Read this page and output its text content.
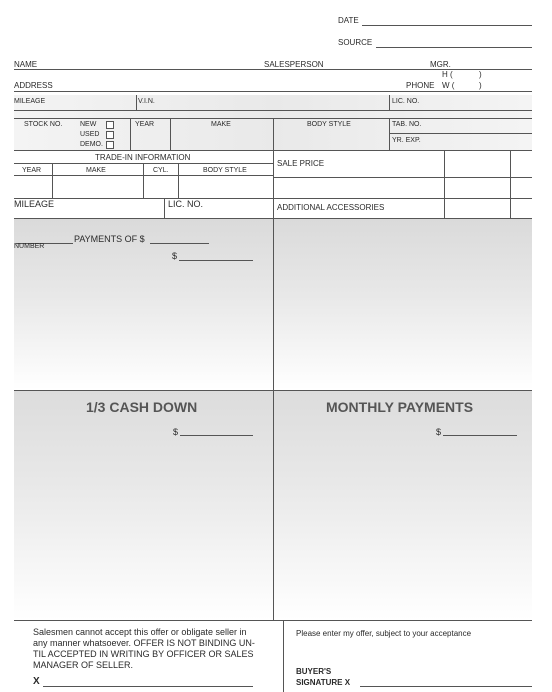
DATE
SOURCE
NAME	SALESPERSON	MGR.
H (	)
ADDRESS	PHONE W (	)
MILEAGE	V.I.N.	LIC. NO.
STOCK NO.	NEW
USED
DEMO.
YEAR	MAKE	BODY STYLE	TAB. NO.
YR. EXP.
TRADE-IN INFORMATION
YEAR	MAKE	CYL.	BODY STYLE
MILEAGE	LIC. NO.
SALE PRICE
ADDITIONAL ACCESSORIES
NUMBER
PAYMENTS OF $
$
1/3 CASH DOWN
$
MONTHLY PAYMENTS
$
Salesmen cannot accept this offer or obligate seller in
any manner whatsoever. OFFER IS NOT BINDING UN-
TIL ACCEPTED IN WRITING BY OFFICER OR SALES
MANAGER OF SELLER.
X
Please enter my offer, subject to your acceptance
BUYER'S
SIGNATURE X
